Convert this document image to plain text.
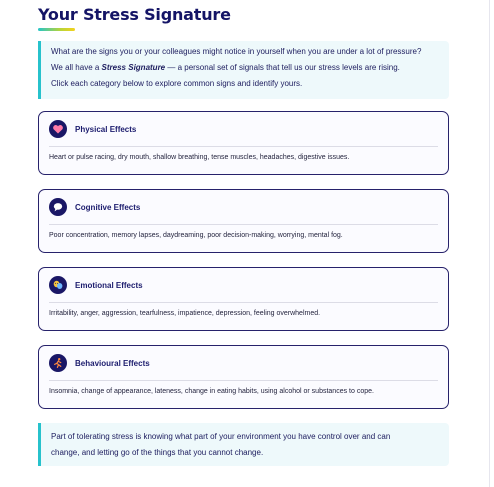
Your Stress Signature

What are the signs you or your colleagues might notice in yourself when you are under a lot of pressure?

We all have a Stress Signature — a personal set of signals that tell us our stress levels are rising.

Click each category below to explore common signs and identify yours.

Physical Effects
Heart or pulse racing, dry mouth, shallow breathing, tense muscles, headaches, digestive issues.
Cognitive Effects
Poor concentration, memory lapses, daydreaming, poor decision-making, worrying, mental fog.
Emotional Effects
Irritability, anger, aggression, tearfulness, impatience, depression, feeling overwhelmed.
Behavioural Effects
Insomnia, change of appearance, lateness, change in eating habits, using alcohol or substances to cope.

Part of tolerating stress is knowing what part of your environment you have control over and can

change, and letting go of the things that you cannot change.
